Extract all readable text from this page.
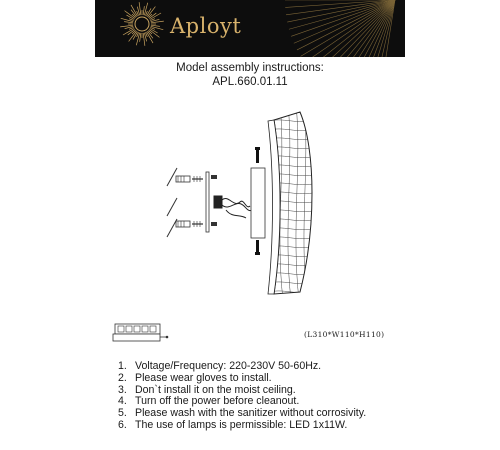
Aployt
Model assembly instructions:
APL.660.01.11
(L310*W110*H110)
1. Voltage/Frequency: 220-230V 50-60Hz.
2. Please wear gloves to install.
3. Don`t install it on the moist ceiling.
4. Turn off the power before cleanout.
5. Please wash with the sanitizer without corrosivity.
6. The use of lamps is permissible: LED 1x11W.
